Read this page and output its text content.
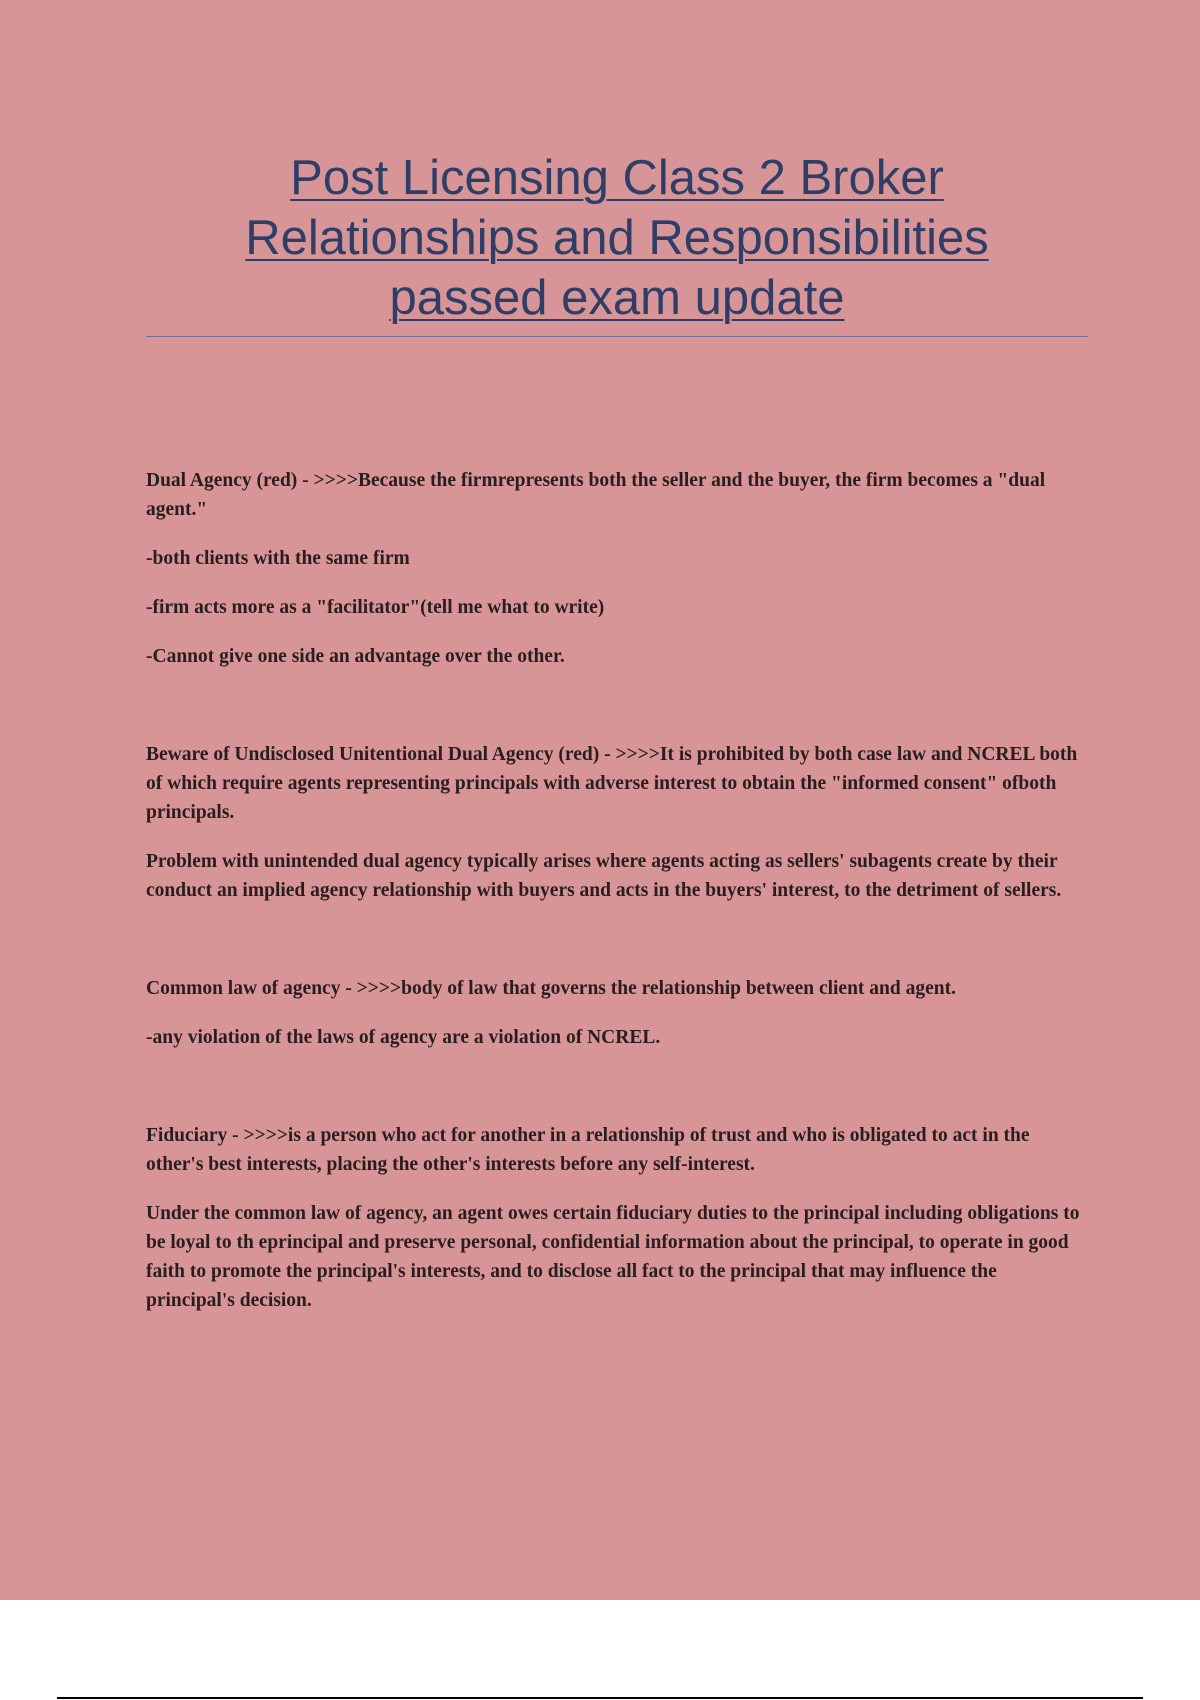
Post Licensing Class 2 Broker
Relationships and Responsibilities
passed exam update

Dual Agency (red) - >>>>Because the firmrepresents both the seller and the buyer, the firm becomes a "dual agent."

-both clients with the same firm

-firm acts more as a "facilitator"(tell me what to write)

-Cannot give one side an advantage over the other.

Beware of Undisclosed Unitentional Dual Agency (red) - >>>>It is prohibited by both case law and NCREL both of which require agents representing principals with adverse interest to obtain the "informed consent" ofboth principals.

Problem with unintended dual agency typically arises where agents acting as sellers' subagents create by their conduct an implied agency relationship with buyers and acts in the buyers' interest, to the detriment of sellers.

Common law of agency - >>>>body of law that governs the relationship between client and agent.

-any violation of the laws of agency are a violation of NCREL.

Fiduciary - >>>>is a person who act for another in a relationship of trust and who is obligated to act in the other's best interests, placing the other's interests before any self-interest.

Under the common law of agency, an agent owes certain fiduciary duties to the principal including obligations to be loyal to th eprincipal and preserve personal, confidential information about the principal, to operate in good faith to promote the principal's interests, and to disclose all fact to the principal that may influence the principal's decision.
